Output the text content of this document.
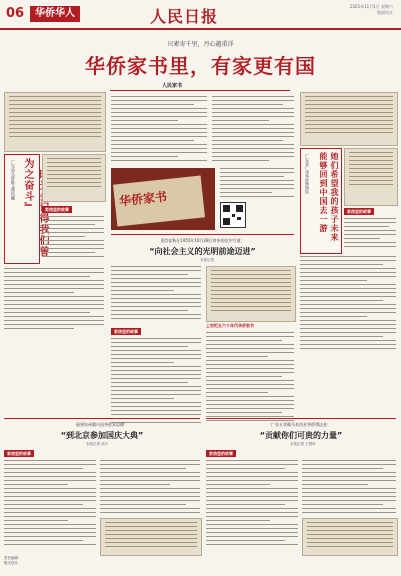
06	华侨华人	人民日报
2025年11月1日 星期六
版面设计
尺素寄千里，丹心越重洋
华侨家书里，有家更有国
人民家书
会记得我们曾为之奋斗』
广东汕头侨批文物馆藏
家信里的故事
华侨家书	她们希望我的孩子未来能够回到中国去一游
广东省广州华侨博物馆
家信里的故事
见信复秋在1955年10月28日寄来的信中写道：
“向社会主义的光明前途迈进”
本报记者
上世纪五六十年代华侨家书
家信里的故事
福建泉州籍归国华侨朱思德：
“到北京参加国庆大典”
本报记者 高升
家信里的故事
广东五华籍马来西亚华侨谭达金：
“贡献你们可贵的力量”
本报记者 王慧轩
家信里的故事
责任编辑：
版式设计：
